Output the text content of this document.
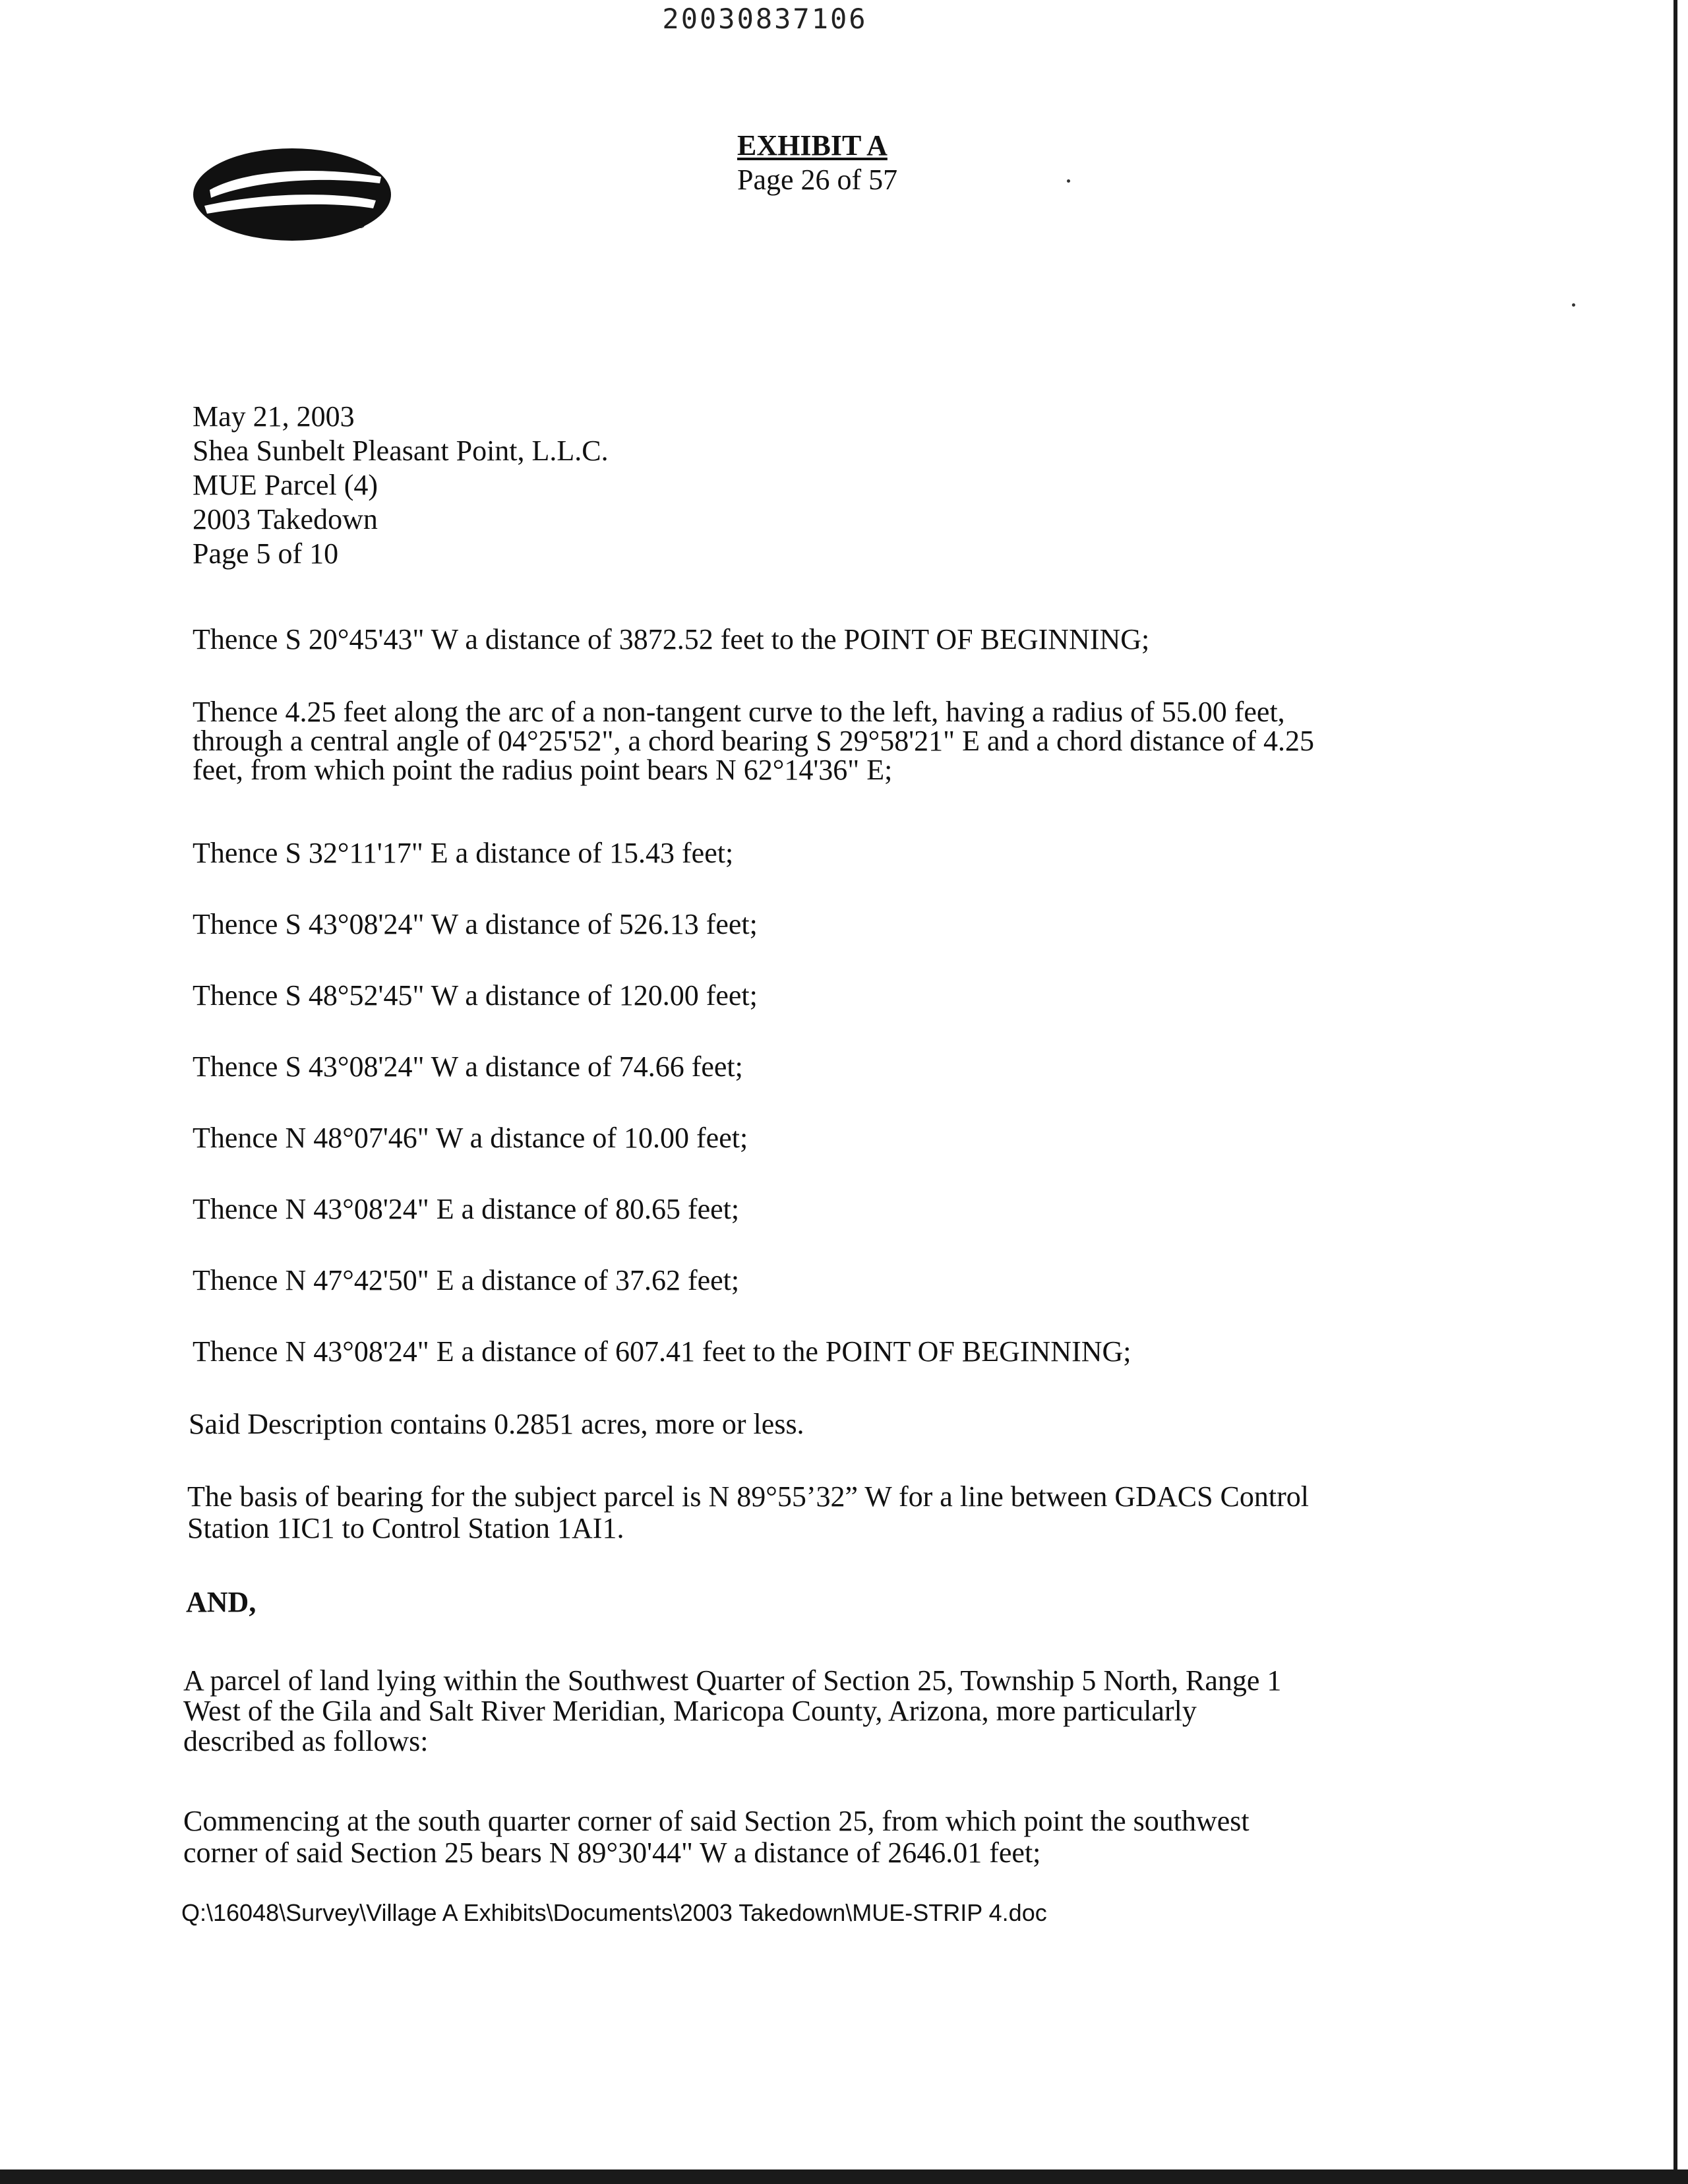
20030837106
®
EXHIBIT A
Page 26 of 57
May 21, 2003
Shea Sunbelt Pleasant Point, L.L.C.
MUE Parcel (4)
2003 Takedown
Page 5 of 10
Thence S 20°45'43" W a distance of 3872.52 feet to the POINT OF BEGINNING;
Thence 4.25 feet along the arc of a non-tangent curve to the left, having a radius of 55.00 feet,
through a central angle of 04°25'52", a chord bearing S 29°58'21" E and a chord distance of 4.25
feet, from which point the radius point bears N 62°14'36" E;
Thence S 32°11'17" E a distance of 15.43 feet;
Thence S 43°08'24" W a distance of 526.13 feet;
Thence S 48°52'45" W a distance of 120.00 feet;
Thence S 43°08'24" W a distance of 74.66 feet;
Thence N 48°07'46" W a distance of 10.00 feet;
Thence N 43°08'24" E a distance of 80.65 feet;
Thence N 47°42'50" E a distance of 37.62 feet;
Thence N 43°08'24" E a distance of 607.41 feet to the POINT OF BEGINNING;
Said Description contains 0.2851 acres, more or less.
The basis of bearing for the subject parcel is N 89°55’32” W for a line between GDACS Control
Station 1IC1 to Control Station 1AI1.
AND,
A parcel of land lying within the Southwest Quarter of Section 25, Township 5 North, Range 1
West of the Gila and Salt River Meridian, Maricopa County, Arizona, more particularly
described as follows:
Commencing at the south quarter corner of said Section 25, from which point the southwest
corner of said Section 25 bears N 89°30'44" W a distance of 2646.01 feet;
Q:\16048\Survey\Village A Exhibits\Documents\2003 Takedown\MUE-STRIP 4.doc
